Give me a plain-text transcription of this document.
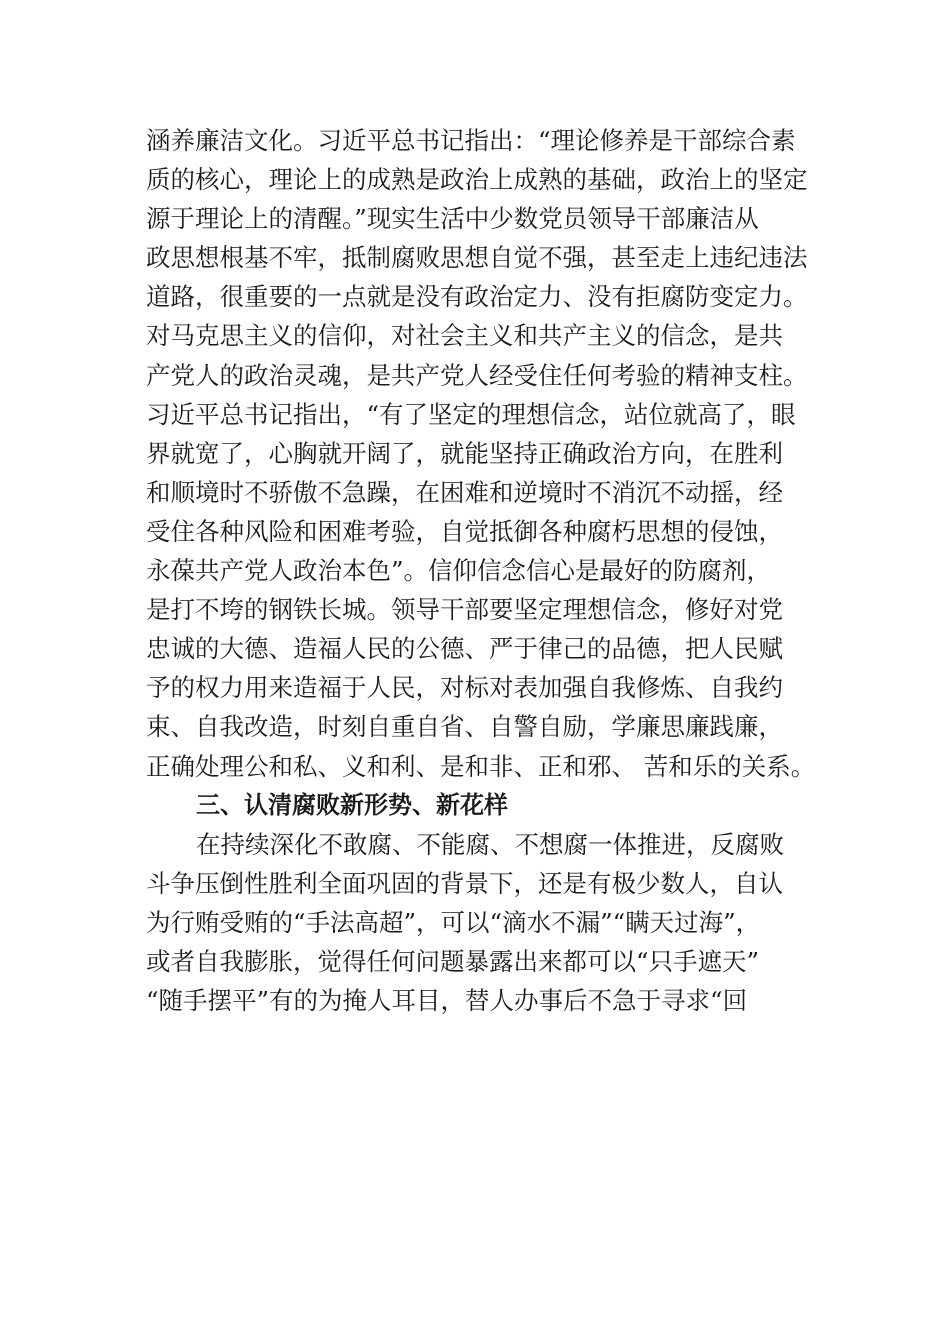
涵养廉洁文化。习近平总书记指出：“理论修养是干部综合素
质的核心，理论上的成熟是政治上成熟的基础，政治上的坚定
源于理论上的清醒。”现实生活中少数党员领导干部廉洁从
政思想根基不牢，抵制腐败思想自觉不强，甚至走上违纪违法
道路，很重要的一点就是没有政治定力、没有拒腐防变定力。
对马克思主义的信仰，对社会主义和共产主义的信念，是共
产党人的政治灵魂，是共产党人经受住任何考验的精神支柱。
习近平总书记指出，“有了坚定的理想信念，站位就高了，眼
界就宽了，心胸就开阔了，就能坚持正确政治方向，在胜利
和顺境时不骄傲不急躁，在困难和逆境时不消沉不动摇，经
受住各种风险和困难考验，自觉抵御各种腐朽思想的侵蚀，
永葆共产党人政治本色”。信仰信念信心是最好的防腐剂，
是打不垮的钢铁长城。领导干部要坚定理想信念，修好对党
忠诚的大德、造福人民的公德、严于律己的品德，把人民赋
予的权力用来造福于人民，对标对表加强自我修炼、自我约
束、自我改造，时刻自重自省、自警自励，学廉思廉践廉，
正确处理公和私、义和利、是和非、正和邪、 苦和乐的关系。
三、认清腐败新形势、新花样
在持续深化不敢腐、不能腐、不想腐一体推进，反腐败
斗争压倒性胜利全面巩固的背景下，还是有极少数人，自认
为行贿受贿的“手法高超”，可以“滴水不漏”“瞒天过海”，
或者自我膨胀，觉得任何问题暴露出来都可以“只手遮天”
“随手摆平”有的为掩人耳目，替人办事后不急于寻求“回
